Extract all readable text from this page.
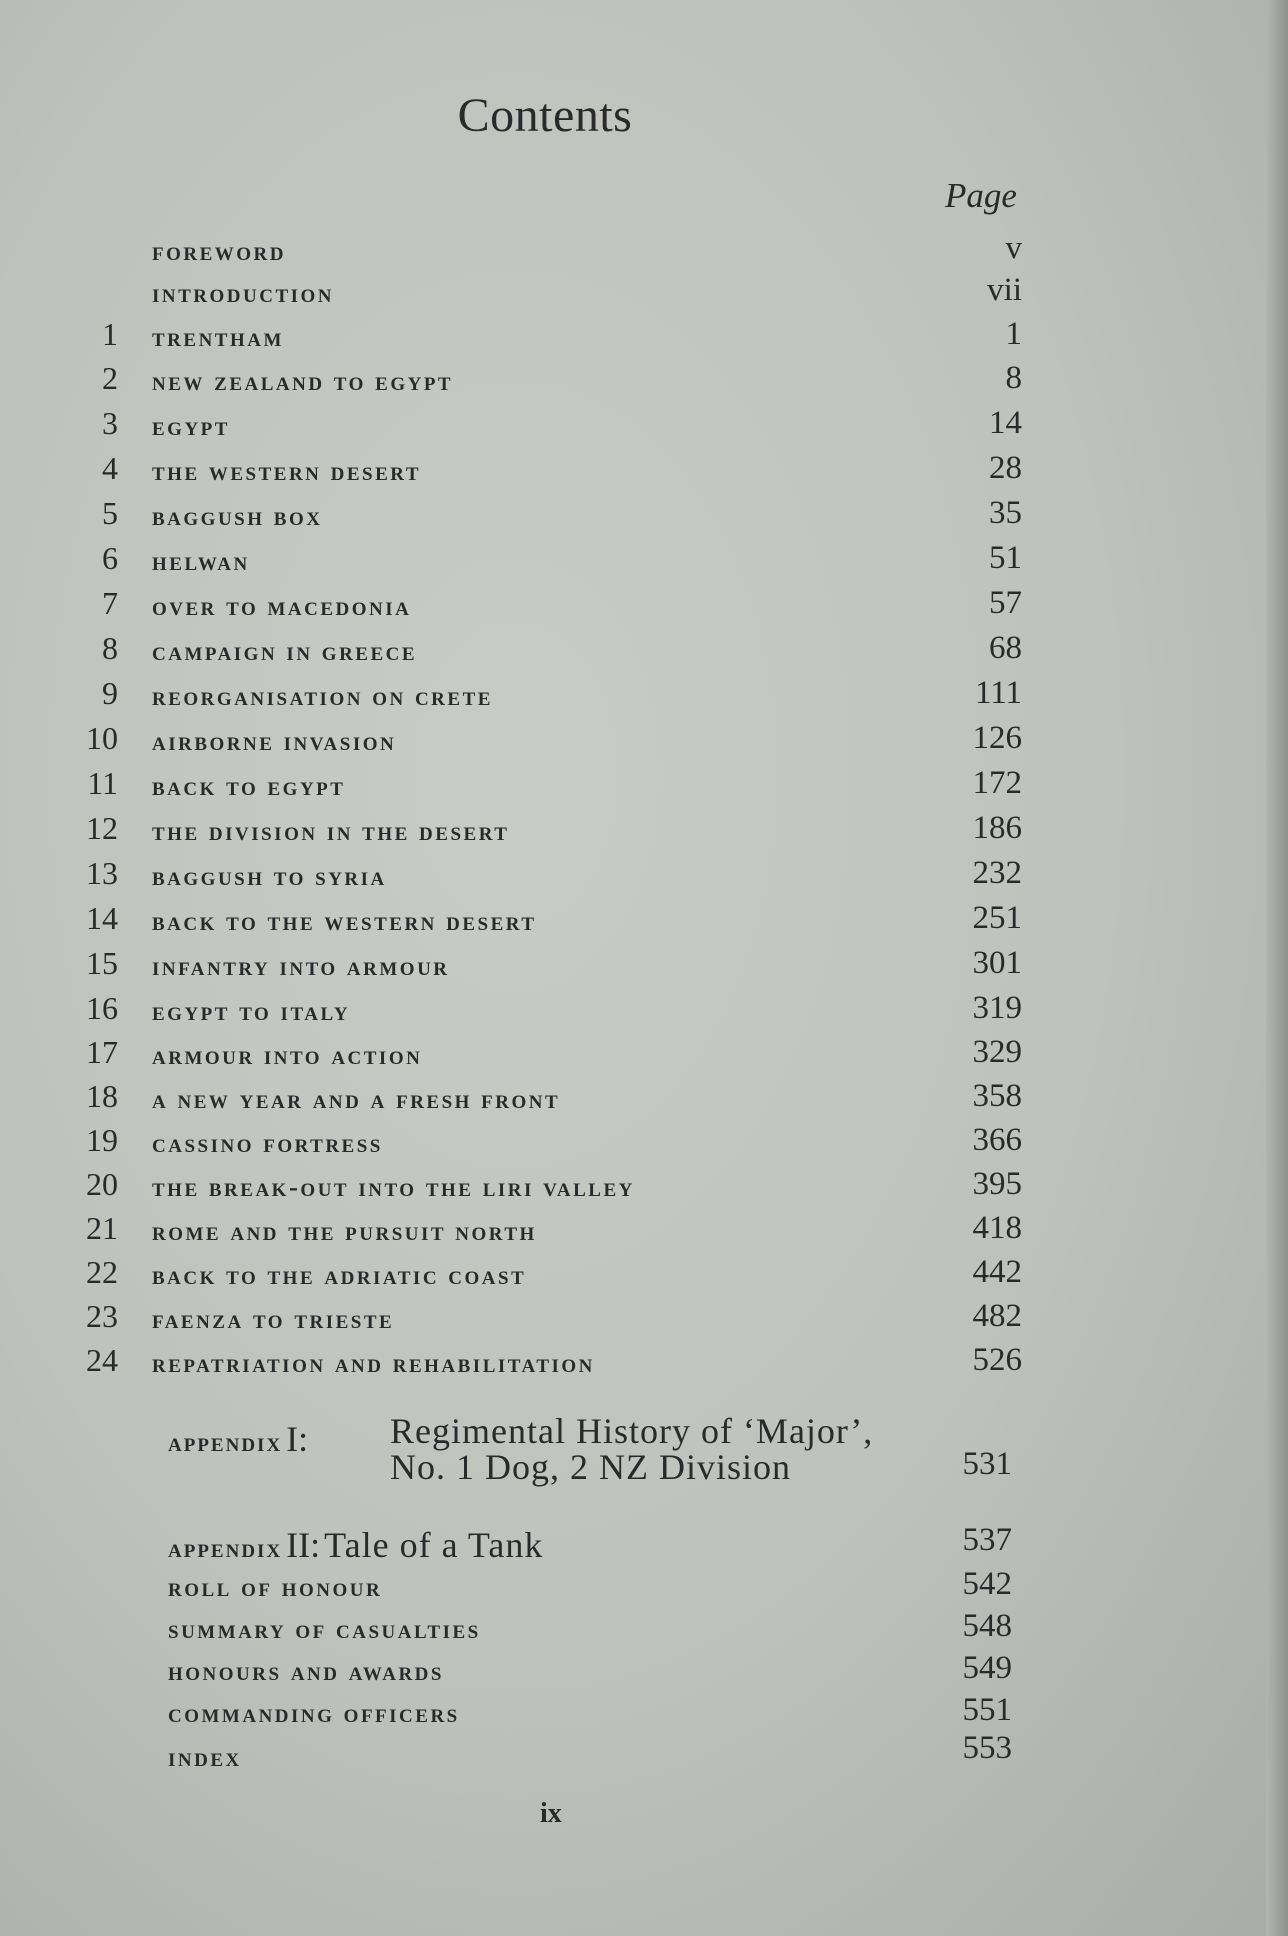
Contents
Page
foreword	v
introduction	vii
1 trentham	1
2 new zealand to egypt	8
3 egypt	14
4 the western desert	28
5 baggush box	35
6 helwan	51
7 over to macedonia	57
8 campaign in greece	68
9 reorganisation on crete	111
10 airborne invasion	126
11 back to egypt	172
12 the division in the desert	186
13 baggush to syria	232
14 back to the western desert	251
15 infantry into armour	301
16 egypt to italy	319
17 armour into action	329
18 a new year and a fresh front	358
19 cassino fortress	366
20 the break-out into the liri valley	395
21 rome and the pursuit north	418
22 back to the adriatic coast	442
23 faenza to trieste	482
24 repatriation and rehabilitation	526
appendix I: Regimental History of ‘Major’,
No. 1 Dog, 2 NZ Division	531
appendix II: Tale of a Tank	537
roll of honour	542
summary of casualties	548
honours and awards	549
commanding officers	551
index	553
ix
